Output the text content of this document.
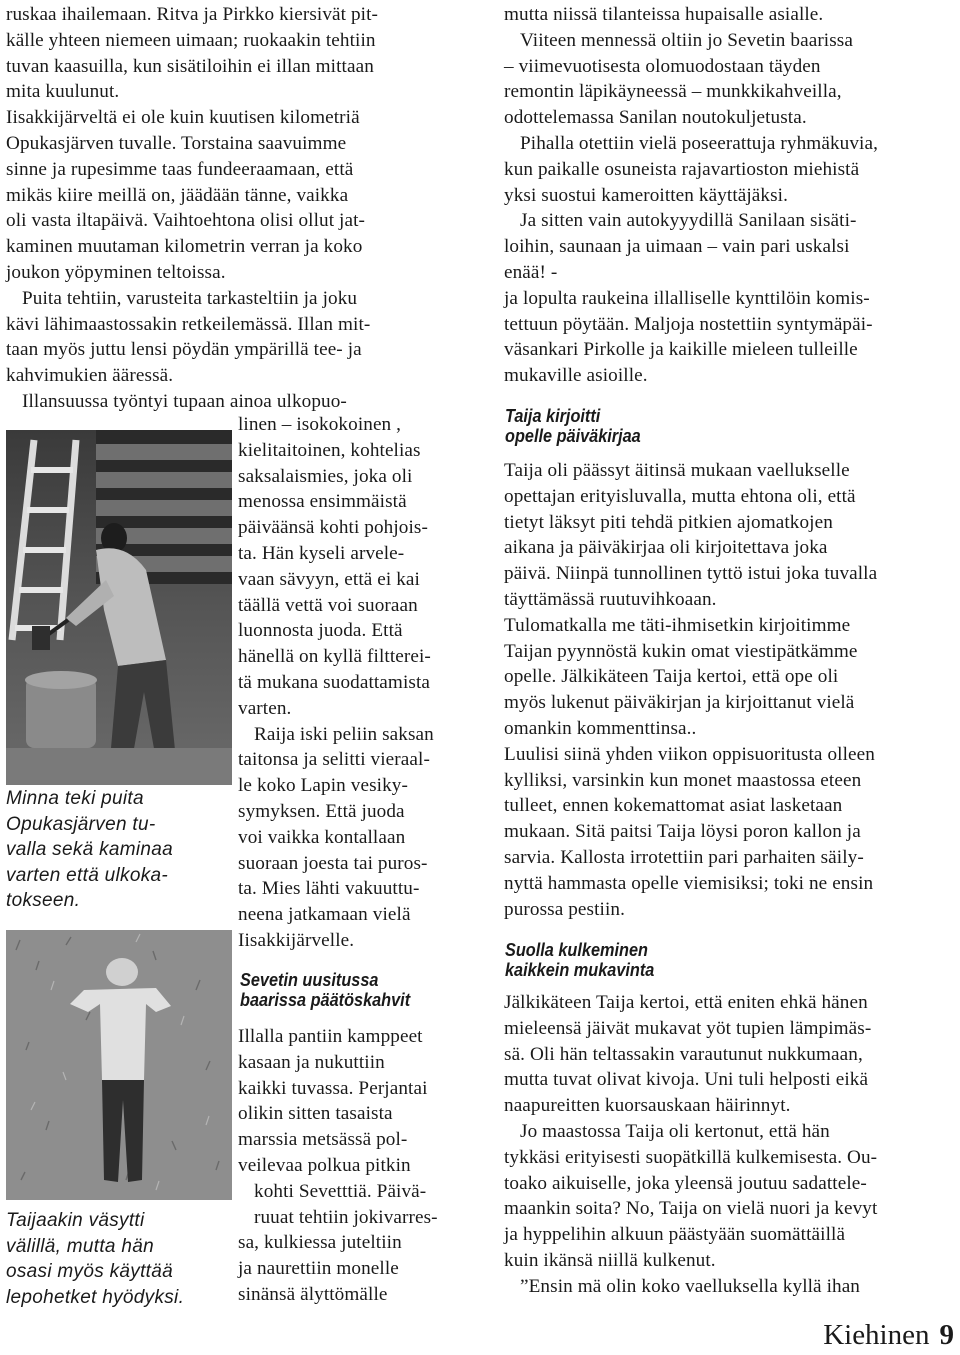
ruskaa ihailemaan. Ritva ja Pirkko kiersivät pit-
källe yhteen niemeen uimaan; ruokaakin tehtiin
tuvan kaasuilla, kun sisätiloihin ei illan mittaan
mita kuulunut.
Iisakkijärveltä ei ole kuin kuutisen kilometriä
Opukasjärven tuvalle. Torstaina saavuimme
sinne ja rupesimme taas fundeeraamaan, että
mikäs kiire meillä on, jäädään tänne, vaikka
oli vasta iltapäivä. Vaihtoehtona olisi ollut jat-
kaminen muutaman kilometrin verran ja koko
joukon yöpyminen teltoissa.
Puita tehtiin, varusteita tarkasteltiin ja joku
kävi lähimaastossakin retkeilemässä. Illan mit-
taan myös juttu lensi pöydän ympärillä tee- ja
kahvimukien ääressä.
Illansuussa työntyi tupaan ainoa ulkopuo-
linen – isokokoinen ,
kielitaitoinen, kohtelias
saksalaismies, joka oli
menossa ensimmäistä
päiväänsä kohti pohjois-
ta. Hän kyseli arvele-
vaan sävyyn, että ei kai
täällä vettä voi suoraan
luonnosta juoda. Että
hänellä on kyllä filtterei-
tä mukana suodattamista
varten.
Raija iski peliin saksan
taitonsa ja selitti vieraal-
le koko Lapin vesiky-
symyksen. Että juoda
voi vaikka kontallaan
suoraan joesta tai puros-
ta. Mies lähti vakuuttu-
neena jatkamaan vielä
Iisakkijärvelle.
Minna teki puita
Opukasjärven tu-
valla sekä kaminaa
varten että ulkoka-
tokseen.
Taijaakin väsytti
välillä, mutta hän
osasi myös käyttää
lepohetket hyödyksi.
Sevetin uusitussa
baarissa päätöskahvit
Illalla pantiin kamppeet
kasaan ja nukuttiin
kaikki tuvassa. Perjantai
olikin sitten tasaista
marssia metsässä pol-
veilevaa polkua pitkin
kohti Sevetttiä. Päivä-
ruuat tehtiin jokivarres-
sa, kulkiessa juteltiin
ja naurettiin monelle
sinänsä älyttömälle
mutta niissä tilanteissa hupaisalle asialle.
Viiteen mennessä oltiin jo Sevetin baarissa
– viimevuotisesta olomuodostaan täyden
remontin läpikäyneessä – munkkikahveilla,
odottelemassa Sanilan noutokuljetusta.
Pihalla otettiin vielä poseerattuja ryhmäkuvia,
kun paikalle osuneista rajavartioston miehistä
yksi suostui kameroitten käyttäjäksi.
Ja sitten vain autokyyydillä Sanilaan sisäti-
loihin, saunaan ja uimaan – vain pari uskalsi
enää! -
ja lopulta raukeina illalliselle kynttilöin komis-
tettuun pöytään. Maljoja nostettiin syntymäpäi-
väsankari Pirkolle ja kaikille mieleen tulleille
mukaville asioille.
Taija kirjoitti
opelle päiväkirjaa
Taija oli päässyt äitinsä mukaan vaellukselle
opettajan erityisluvalla, mutta ehtona oli, että
tietyt läksyt piti tehdä pitkien ajomatkojen
aikana ja päiväkirjaa oli kirjoitettava joka
päivä. Niinpä tunnollinen tyttö istui joka tuvalla
täyttämässä ruutuvihkoaan.
Tulomatkalla me täti-ihmisetkin kirjoitimme
Taijan pyynnöstä kukin omat viestipätkämme
opelle. Jälkikäteen Taija kertoi, että ope oli
myös lukenut päiväkirjan ja kirjoittanut vielä
omankin kommenttinsa..
Luulisi siinä yhden viikon oppisuoritusta olleen
kylliksi, varsinkin kun monet maastossa eteen
tulleet, ennen kokemattomat asiat lasketaan
mukaan. Sitä paitsi Taija löysi poron kallon ja
sarvia. Kallosta irrotettiin pari parhaiten säily-
nyttä hammasta opelle viemisiksi; toki ne ensin
purossa pestiin.
Suolla kulkeminen
kaikkein mukavinta
Jälkikäteen Taija kertoi, että eniten ehkä hänen
mieleensä jäivät mukavat yöt tupien lämpimäs-
sä. Oli hän teltassakin varautunut nukkumaan,
mutta tuvat olivat kivoja. Uni tuli helposti eikä
naapureitten kuorsauskaan häirinnyt.
Jo maastossa Taija oli kertonut, että hän
tykkäsi erityisesti suopätkillä kulkemisesta. Ou-
toako aikuiselle, joka yleensä joutuu sadattele-
maankin soita? No, Taija on vielä nuori ja kevyt
ja hyppelihin alkuun päästyään suomättäillä
kuin ikänsä niillä kulkenut.
”Ensin mä olin koko vaelluksella kyllä ihan
Kiehinen 9
